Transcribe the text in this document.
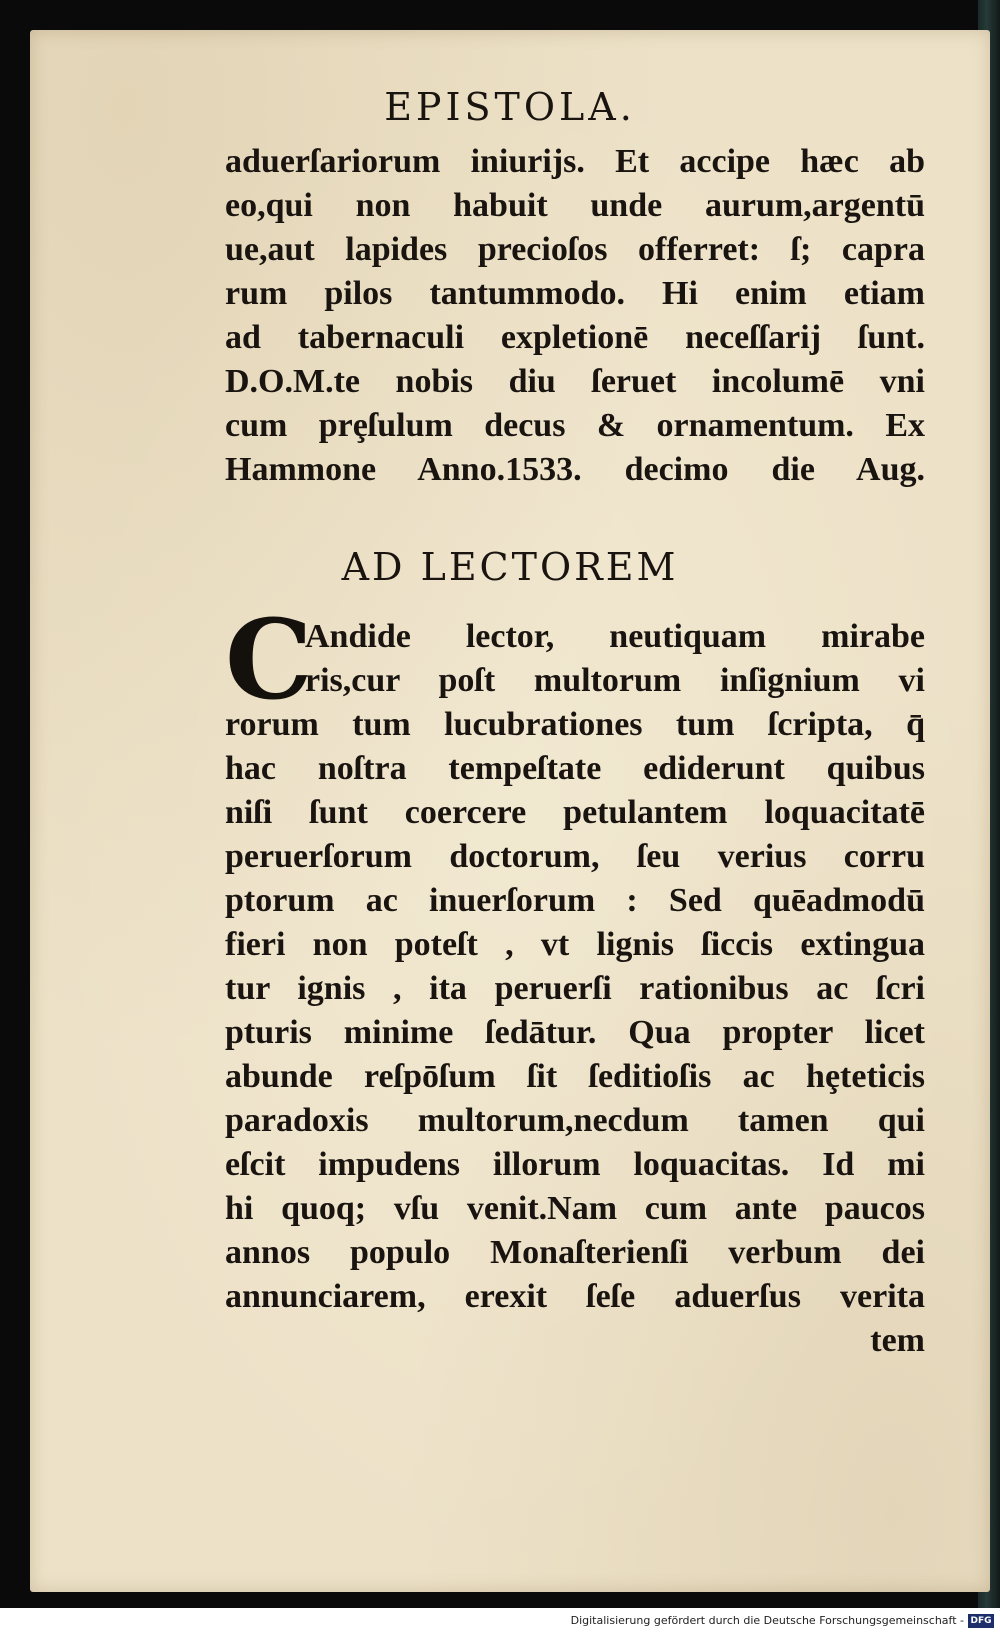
EPISTOLA.
aduerſariorum iniurijs. Et accipe hæc ab
eo,qui non habuit unde aurum,argentū
ue,aut lapides precioſos offerret: ſ; capra
rum pilos tantummodo. Hi enim etiam
ad tabernaculi expletionē neceſſarij ſunt.
D.O.M.te nobis diu ſeruet incolumē vni
cum prȩſulum decus & ornamentum. Ex
Hammone Anno.1533. decimo die Aug.
AD LECTOREM
C
Andide lector, neutiquam mirabe
ris,cur poſt multorum inſignium vi
rorum tum lucubrationes tum ſcripta, q̄
hac noſtra tempeſtate ediderunt quibus
niſi ſunt coercere petulantem loquacitatē
peruerſorum doctorum, ſeu verius corru
ptorum ac inuerſorum : Sed quēadmodū
fieri non poteſt , vt lignis ſiccis extingua
tur ignis , ita peruerſi rationibus ac ſcri
pturis minime ſedātur. Qua propter licet
abunde reſpōſum ſit ſeditioſis ac hȩteticis
paradoxis multorum,necdum tamen qui
eſcit impudens illorum loquacitas. Id mi
hi quoq; vſu venit.Nam cum ante paucos
annos populo Monaſterienſi verbum dei
annunciarem, erexit ſeſe aduerſus verita
tem
Digitalisierung gefördert durch die Deutsche Forschungsgemeinschaft - DFG
